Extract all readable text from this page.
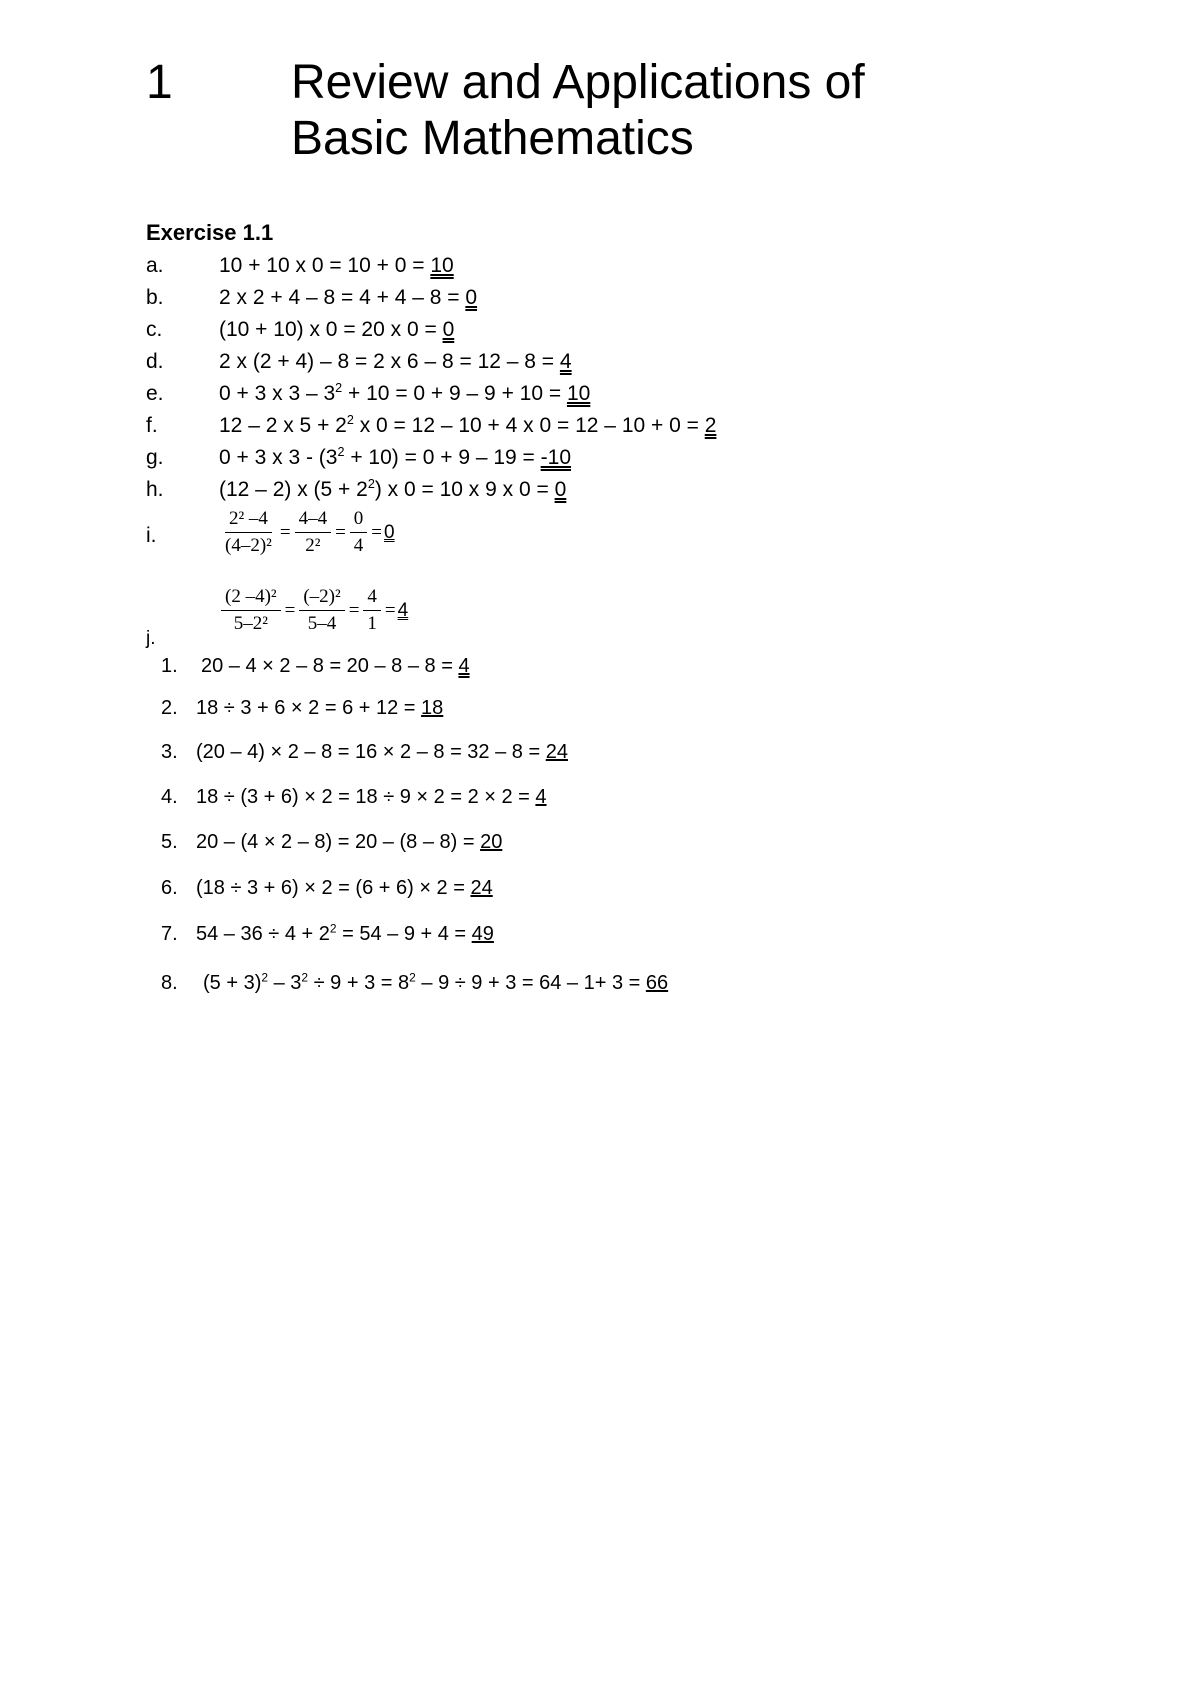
1 Review and Applications of
Basic Mathematics
Exercise 1.1
a.	10 + 10 x 0 = 10 + 0 = 10
b.	2 x 2 + 4 – 8 = 4 + 4 – 8 = 0
c.	(10 + 10) x 0 = 20 x 0 = 0
d.	2 x (2 + 4) – 8 = 2 x 6 – 8 = 12 – 8 = 4
e.	0 + 3 x $3 - 3^2 + 10 = 0 + 9 - 9 + 10 = 10$
f.	12 – 2 x $5 + 2^2$ x 0 = 12 – 10 + 4 x 0 = 12 – 10 + 0 = 2
g.	0 + 3 x $3 - (3^2 + 10) = 0 + 9 - 19 = -10$
h.	(12 – 2) x $(5 + 2^2)$ x 0 = 10 x 9 x 0 = 0
i.	$\frac{\text{2² –4}}{\text{(4–2)²}} = \frac{4-4}{\text{2²}} = \frac{0}{4} = 0$
$\frac{\text{(2 –4)²}}{\text{5–2²}} = \frac{\text{(–2)²}}{5-4} = \frac{4}{1} = 4$
j.
1. 20 – 4 × 2 – 8 = 20 – 8 – 8 = 4
2. 18 ÷ 3 + 6 × 2 = 6 + 12 = 18
3. (20 – 4) × 2 – 8 = 16 × 2 – 8 = 32 – 8 = 24
4. 18 ÷ (3 + 6) × 2 = 18 ÷ 9 × 2 = 2 × 2 = 4
5. 20 – (4 × 2 – 8) = 20 – (8 – 8) = 20
6. (18 ÷ 3 + 6) × 2 = (6 + 6) × 2 = 24
7. $54 - 36 \div 4 + 2^2 = 54 - 9 + 4 = 49$
8. $(5 + 3)^2 - 3^2 \div 9 + 3 = 8^2 - 9 \div 9 + 3 = 64 - 1+ 3 = 66$
